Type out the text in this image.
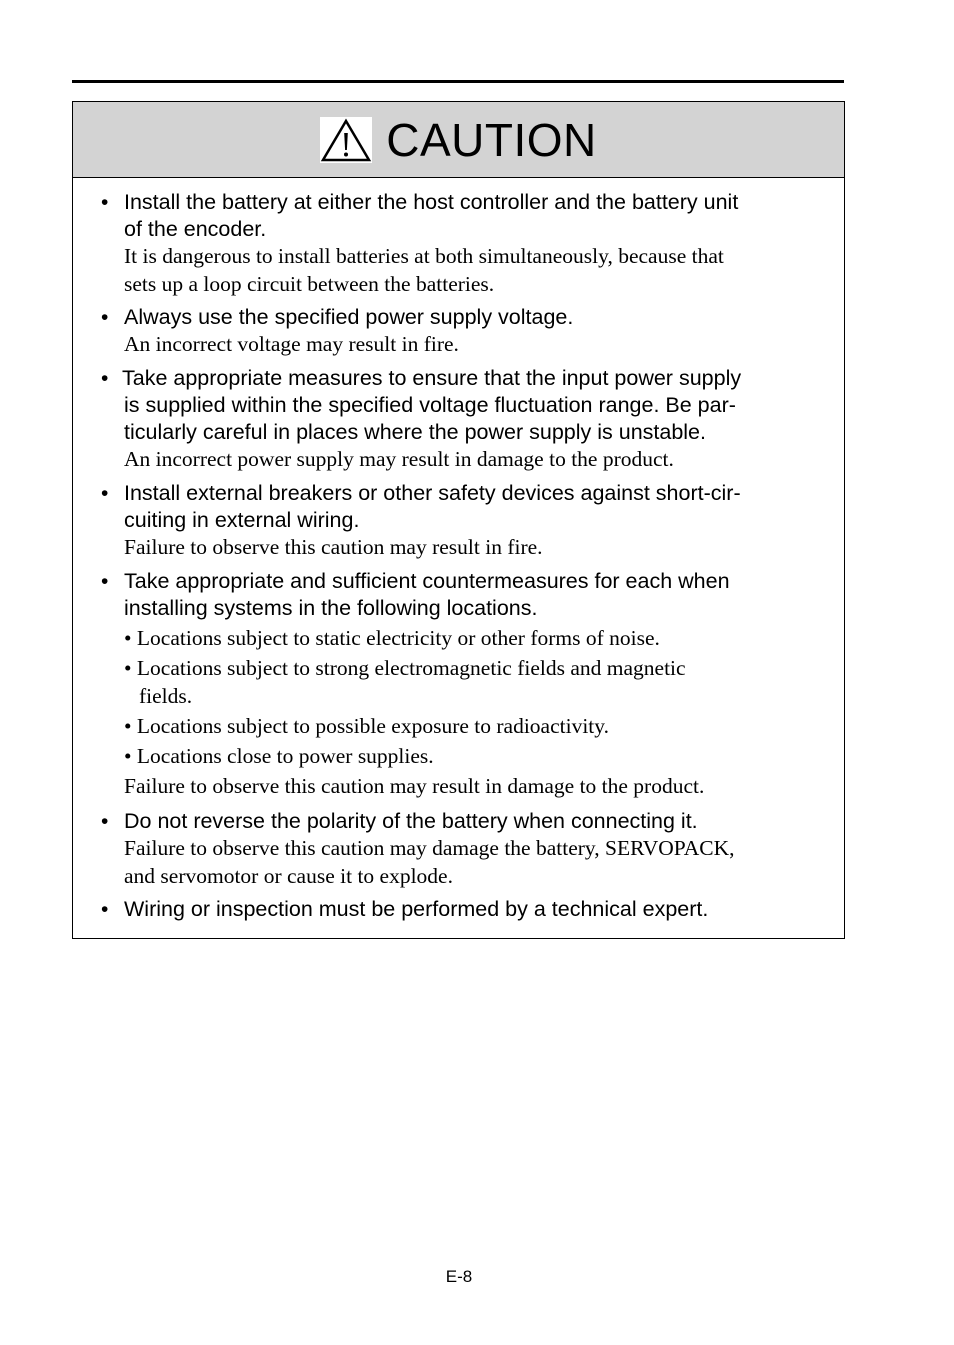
CAUTION
• Install the battery at either the host controller and the battery unit
of the encoder.
It is dangerous to install batteries at both simultaneously, because that
sets up a loop circuit between the batteries.
• Always use the specified power supply voltage.
An incorrect voltage may result in fire.
• Take appropriate measures to ensure that the input power supply
is supplied within the specified voltage fluctuation range. Be par-
ticularly careful in places where the power supply is unstable.
An incorrect power supply may result in damage to the product.
• Install external breakers or other safety devices against short-cir-
cuiting in external wiring.
Failure to observe this caution may result in fire.
• Take appropriate and sufficient countermeasures for each when
installing systems in the following locations.
• Locations subject to static electricity or other forms of noise.
• Locations subject to strong electromagnetic fields and magnetic
fields.
• Locations subject to possible exposure to radioactivity.
• Locations close to power supplies.
Failure to observe this caution may result in damage to the product.
• Do not reverse the polarity of the battery when connecting it.
Failure to observe this caution may damage the battery, SERVOPACK,
and servomotor or cause it to explode.
• Wiring or inspection must be performed by a technical expert.
E-8
